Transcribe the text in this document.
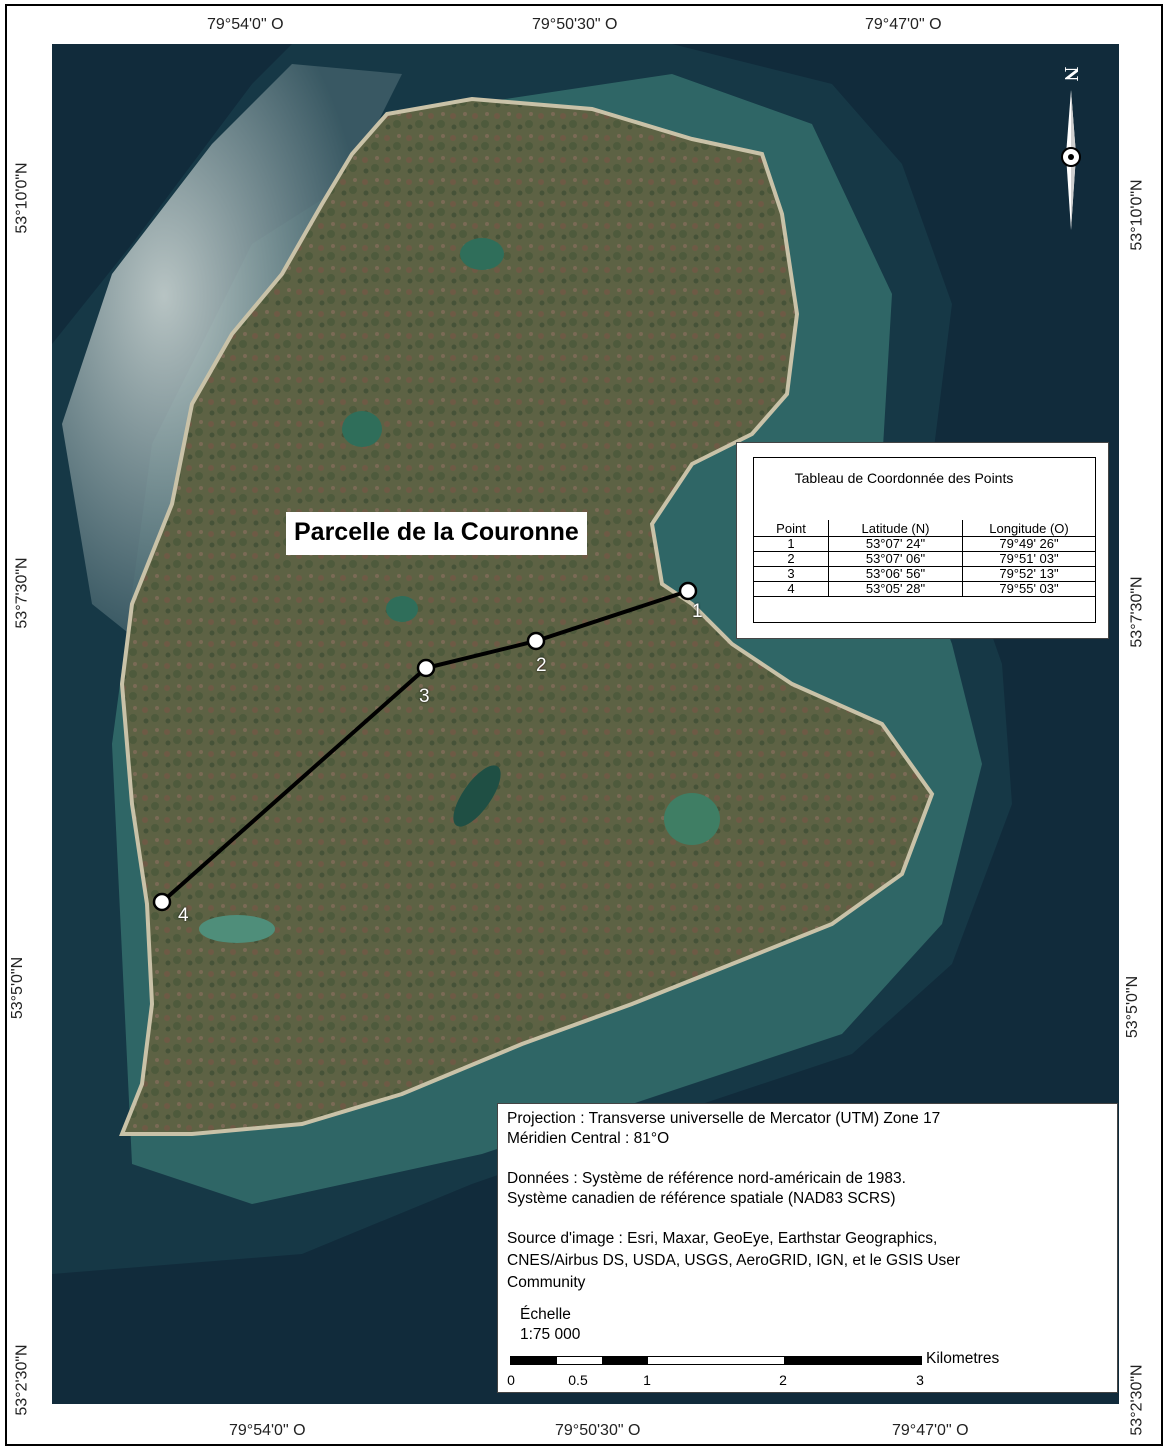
79°54'0" O	79°50'30" O	79°47'0" O
79°54'0" O	79°50'30" O	79°47'0" O
53°10'0"N
53°7'30"N
53°5'0"N
53°2'30"N
53°10'0"N
53°7'30"N
53°5'0"N
53°2'30"N
1
2
3
4
Parcelle de la Couronne
N
Tableau de Coordonnée des Points
Point	Latitude (N)	Longitude (O)
1	53°07' 24"	79°49' 26"
2	53°07' 06"	79°51' 03"
3	53°06' 56"	79°52' 13"
4	53°05' 28"	79°55' 03"
Projection : Transverse universelle de Mercator (UTM) Zone 17
Méridien Central : 81°O
Données : Système de référence nord-américain de 1983.
Système canadien de référence spatiale (NAD83 SCRS)
Source d'image : Esri, Maxar, GeoEye, Earthstar Geographics,
CNES/Airbus DS, USDA, USGS, AeroGRID, IGN, et le GSIS User
Community
Échelle
1:75 000
Kilometres
0	0.5	1	2	3
